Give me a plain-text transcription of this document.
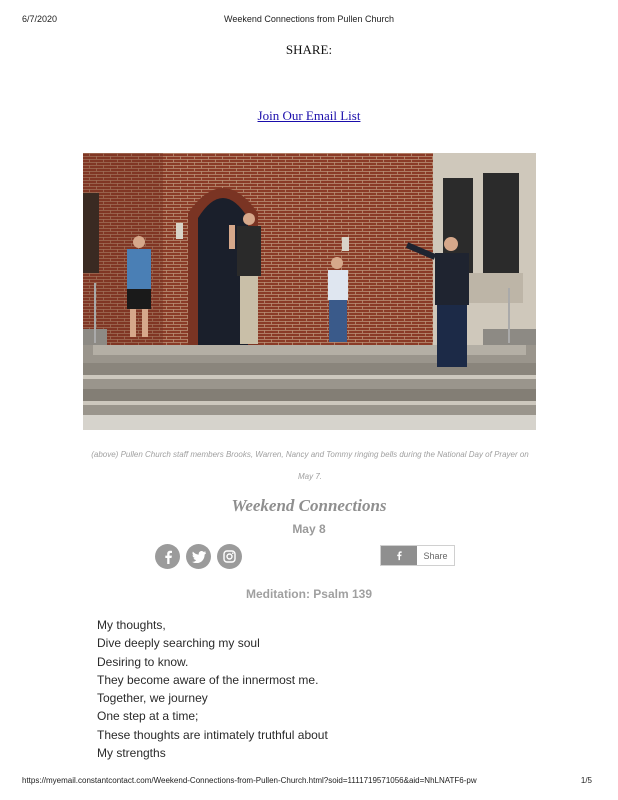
6/7/2020	Weekend Connections from Pullen Church
SHARE:
Join Our Email List
(above) Pullen Church staff members Brooks, Warren, Nancy and Tommy ringing bells during the National Day of Prayer on May 7.
Weekend Connections
May 8
Share
Meditation: Psalm 139
My thoughts,
Dive deeply searching my soul
Desiring to know.
They become aware of the innermost me.
Together, we journey
One step at a time;
These thoughts are intimately truthful about
My strengths
https://myemail.constantcontact.com/Weekend-Connections-from-Pullen-Church.html?soid=1111719571056&aid=NhLNATF6-pw	1/5
